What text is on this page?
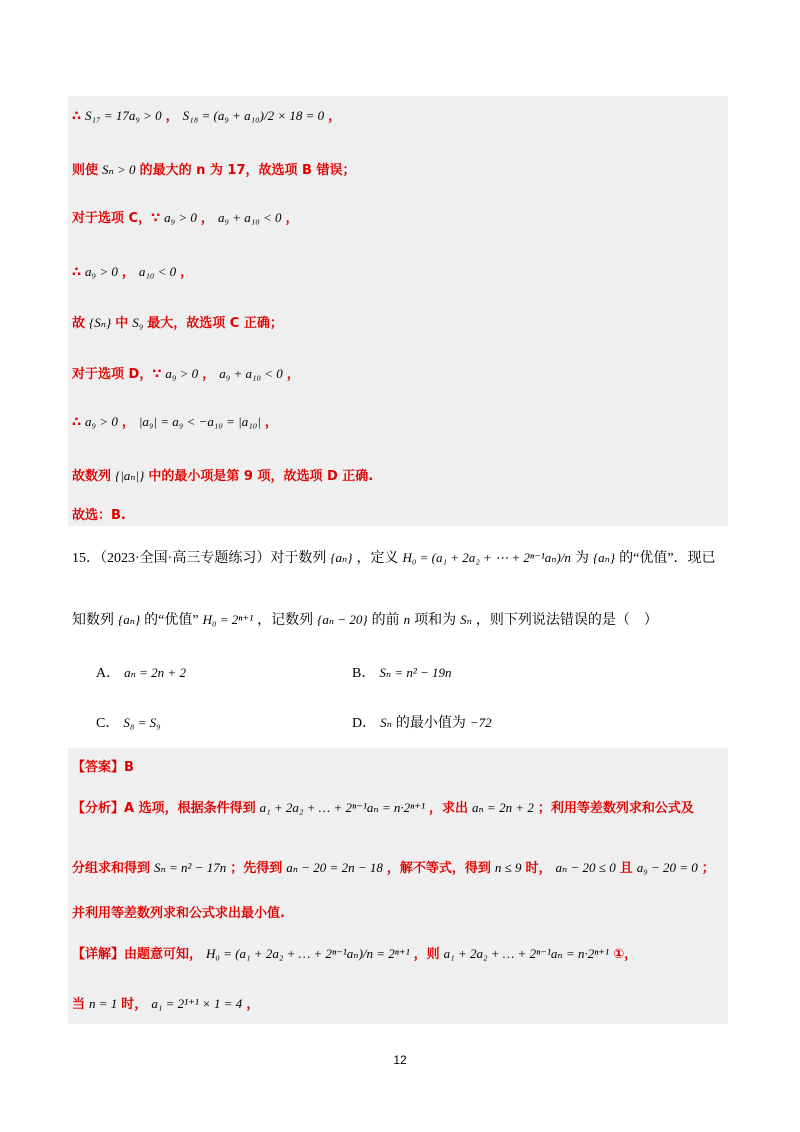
∴ S₁₇ = 17a₉ > 0 ， S₁₈ = (a₉ + a₁₀)/2 × 18 = 0 ，
则使 Sₙ > 0 的最大的 n 为 17，故选项 B 错误；
对于选项 C，∵ a₉ > 0 ， a₉ + a₁₀ < 0 ，
∴ a₉ > 0 ， a₁₀ < 0 ，
故 {Sₙ} 中 S₉ 最大，故选项 C 正确；
对于选项 D，∵ a₉ > 0 ， a₉ + a₁₀ < 0 ，
∴ a₉ > 0 ， |a₉| = a₉ < −a₁₀ = |a₁₀| ，
故数列 {|aₙ|} 中的最小项是第 9 项，故选项 D 正确.
故选：B.
15．（2023·全国·高三专题练习）对于数列 {aₙ} ，定义 H₀ = (a₁ + 2a₂ + ⋯ + 2ⁿ⁻¹aₙ)/n 为 {aₙ} 的“优值”．现已
知数列 {aₙ} 的“优值” H₀ = 2ⁿ⁺¹ ，记数列 {aₙ − 20} 的前 n 项和为 Sₙ ，则下列说法错误的是（　）
A． aₙ = 2n + 2	B． Sₙ = n² − 19n
C． S₈ = S₉	D． Sₙ 的最小值为 −72
【答案】B
【分析】A 选项，根据条件得到 a₁ + 2a₂ + … + 2ⁿ⁻¹aₙ = n·2ⁿ⁺¹ ，求出 aₙ = 2n + 2 ；利用等差数列求和公式及
分组求和得到 Sₙ = n² − 17n ；先得到 aₙ − 20 = 2n − 18 ，解不等式，得到 n ≤ 9 时， aₙ − 20 ≤ 0 且 a₉ − 20 = 0 ；
并利用等差数列求和公式求出最小值.
【详解】由题意可知， H₀ = (a₁ + 2a₂ + … + 2ⁿ⁻¹aₙ)/n = 2ⁿ⁺¹ ，则 a₁ + 2a₂ + … + 2ⁿ⁻¹aₙ = n·2ⁿ⁺¹ ①，
当 n = 1 时， a₁ = 2¹⁺¹ × 1 = 4 ，
12
